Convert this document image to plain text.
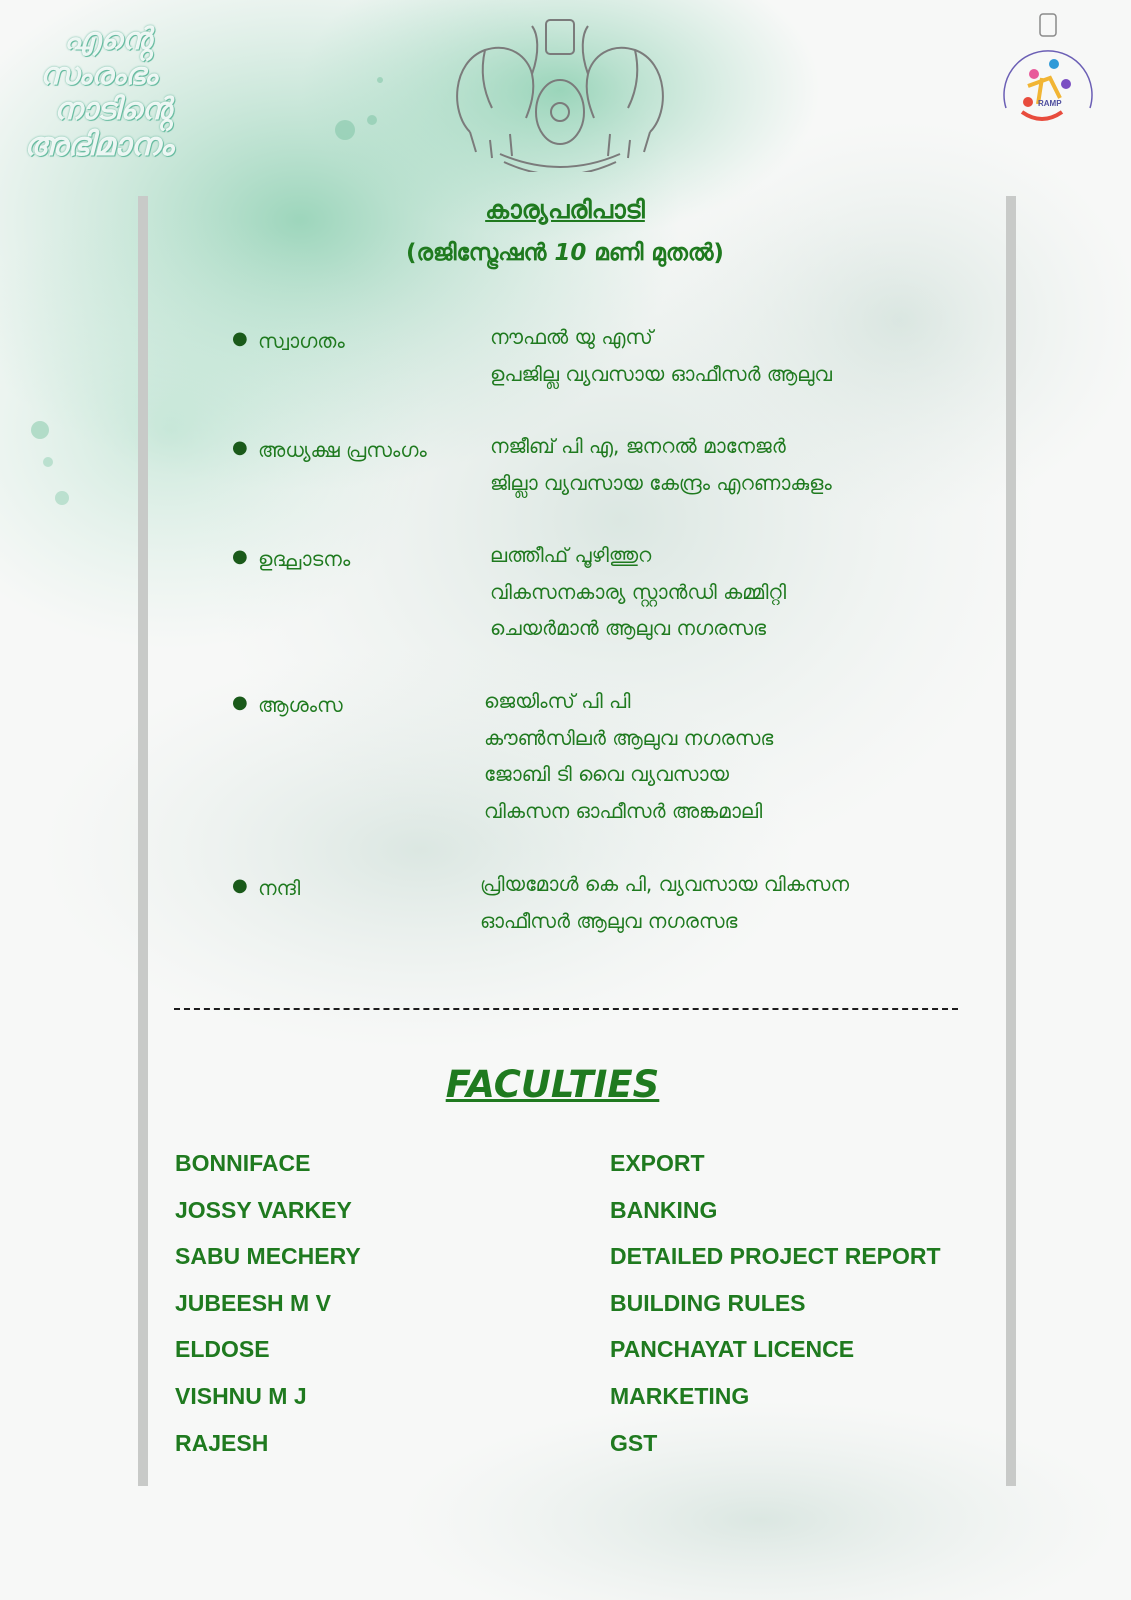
എൻ്റെ
സംരംഭം
നാടിൻ്റെ
അഭിമാനം
RAMP
കാര്യപരിപാടി
(രജിസ്ട്രേഷൻ 10 മണി മുതൽ)
● സ്വാഗതം	നൗഫൽ യു എസ്
ഉപജില്ല വ്യവസായ ഓഫീസർ ആലുവ
● അധ്യക്ഷ പ്രസംഗം	നജീബ് പി എ, ജനറൽ മാനേജർ
ജില്ലാ വ്യവസായ കേന്ദ്രം എറണാകുളം
● ഉദ്ഘാടനം	ലത്തീഫ് പൂഴിത്തുറ
വികസനകാര്യ സ്റ്റാൻഡി കമ്മിറ്റി
ചെയർമാൻ ആലുവ നഗരസഭ
● ആശംസ	ജെയിംസ് പി പി
കൗൺസിലർ ആലുവ നഗരസഭ
ജോബി ടി വൈ വ്യവസായ
വികസന ഓഫീസർ അങ്കമാലി
● നന്ദി	പ്രിയമോൾ കെ പി, വ്യവസായ വികസന
ഓഫീസർ ആലുവ നഗരസഭ
FACULTIES
BONNIFACE	EXPORT
JOSSY VARKEY	BANKING
SABU MECHERY	DETAILED PROJECT REPORT
JUBEESH M V	BUILDING RULES
ELDOSE	PANCHAYAT LICENCE
VISHNU M J	MARKETING
RAJESH	GST
